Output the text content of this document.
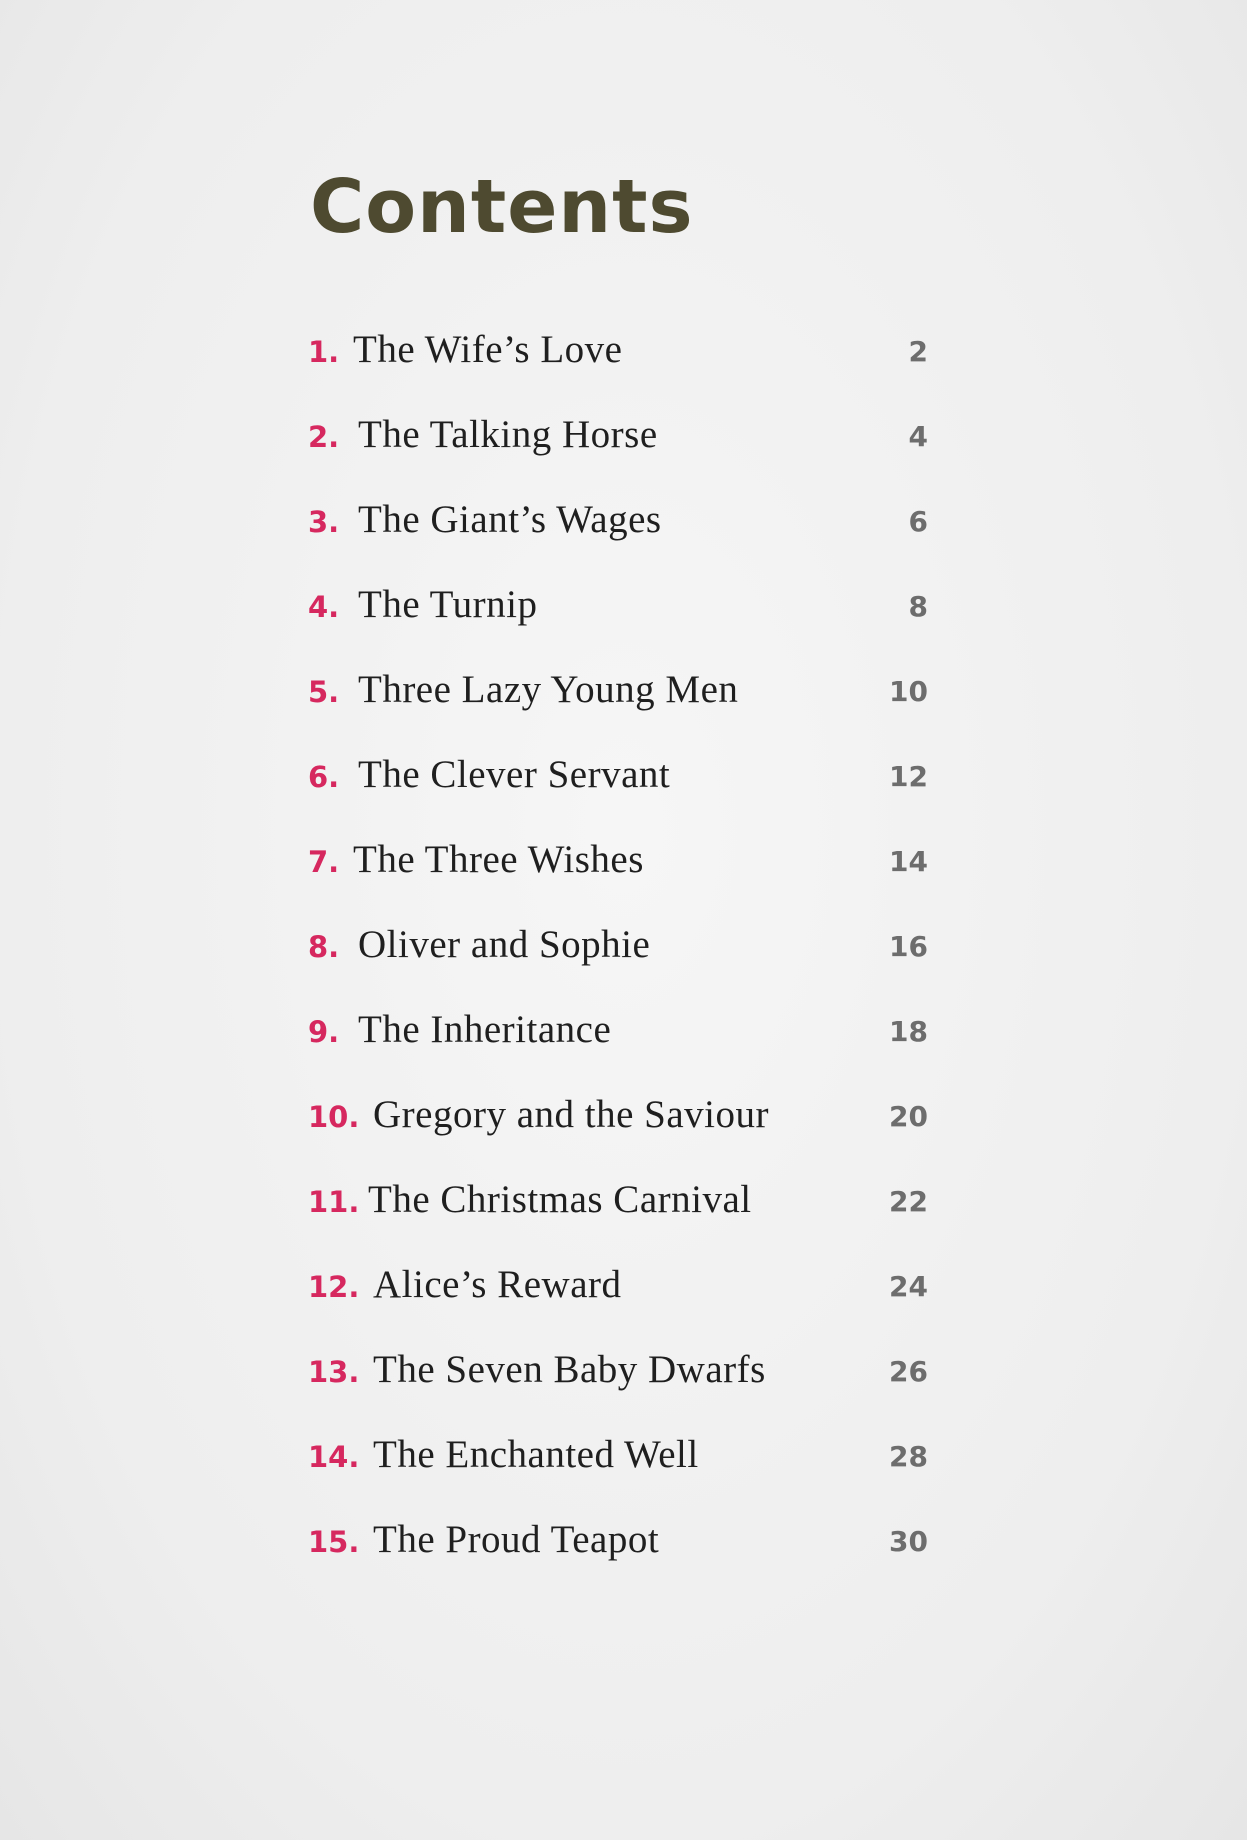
Contents
1. The Wife’s Love	2
2. The Talking Horse	4
3. The Giant’s Wages	6
4. The Turnip	8
5. Three Lazy Young Men	10
6. The Clever Servant	12
7. The Three Wishes	14
8. Oliver and Sophie	16
9. The Inheritance	18
10. Gregory and the Saviour	20
11. The Christmas Carnival	22
12. Alice’s Reward	24
13. The Seven Baby Dwarfs	26
14. The Enchanted Well	28
15. The Proud Teapot	30
